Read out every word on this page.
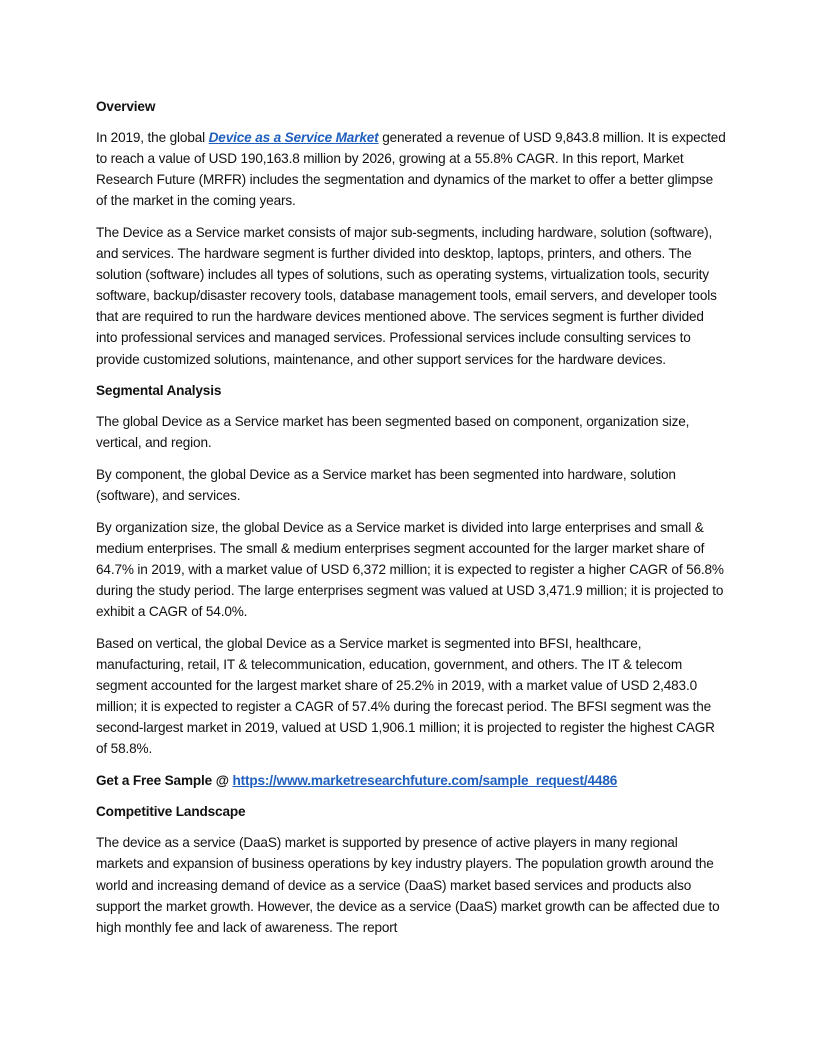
Overview

In 2019, the global Device as a Service Market generated a revenue of USD 9,843.8 million. It is expected to reach a value of USD 190,163.8 million by 2026, growing at a 55.8% CAGR. In this report, Market Research Future (MRFR) includes the segmentation and dynamics of the market to offer a better glimpse of the market in the coming years.

The Device as a Service market consists of major sub-segments, including hardware, solution (software), and services. The hardware segment is further divided into desktop, laptops, printers, and others. The solution (software) includes all types of solutions, such as operating systems, virtualization tools, security software, backup/disaster recovery tools, database management tools, email servers, and developer tools that are required to run the hardware devices mentioned above. The services segment is further divided into professional services and managed services. Professional services include consulting services to provide customized solutions, maintenance, and other support services for the hardware devices.

Segmental Analysis

The global Device as a Service market has been segmented based on component, organization size, vertical, and region.

By component, the global Device as a Service market has been segmented into hardware, solution (software), and services.

By organization size, the global Device as a Service market is divided into large enterprises and small & medium enterprises. The small & medium enterprises segment accounted for the larger market share of 64.7% in 2019, with a market value of USD 6,372 million; it is expected to register a higher CAGR of 56.8% during the study period. The large enterprises segment was valued at USD 3,471.9 million; it is projected to exhibit a CAGR of 54.0%.

Based on vertical, the global Device as a Service market is segmented into BFSI, healthcare, manufacturing, retail, IT & telecommunication, education, government, and others. The IT & telecom segment accounted for the largest market share of 25.2% in 2019, with a market value of USD 2,483.0 million; it is expected to register a CAGR of 57.4% during the forecast period. The BFSI segment was the second-largest market in 2019, valued at USD 1,906.1 million; it is projected to register the highest CAGR of 58.8%.

Get a Free Sample @ https://www.marketresearchfuture.com/sample_request/4486
Competitive Landscape

The device as a service (DaaS) market is supported by presence of active players in many regional markets and expansion of business operations by key industry players. The population growth around the world and increasing demand of device as a service (DaaS) market based services and products also support the market growth. However, the device as a service (DaaS) market growth can be affected due to high monthly fee and lack of awareness. The report
